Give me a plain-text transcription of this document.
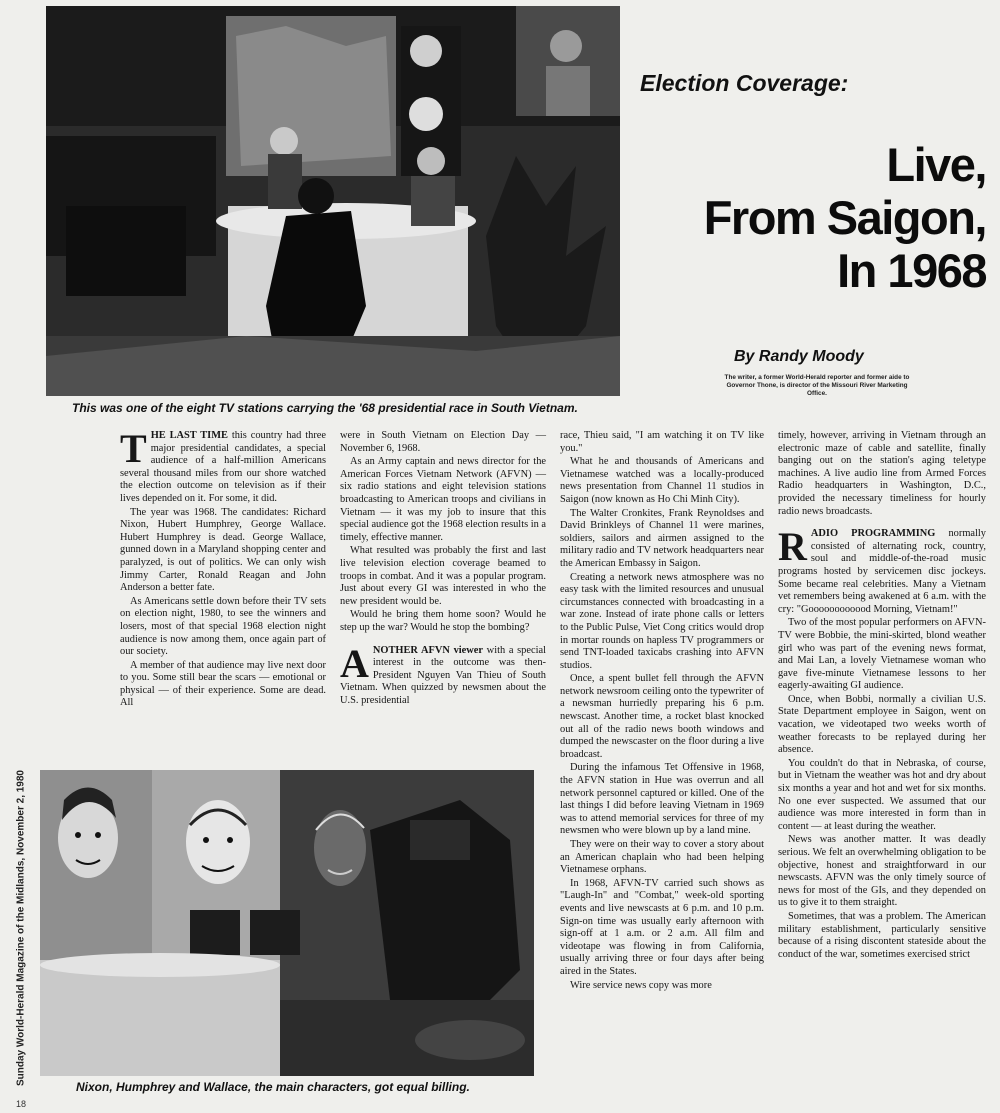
This was one of the eight TV stations carrying the '68 presidential race in South Vietnam.
Election Coverage:
Live,
From Saigon,
In 1968
By Randy Moody
The writer, a former World-Herald reporter and former aide to Governor Thone, is director of the Missouri River Marketing Office.

THE LAST TIME this country had three major presidential candidates, a special audience of a half-million Americans several thousand miles from our shore watched the election outcome on television as if their lives depended on it. For some, it did.

The year was 1968. The candidates: Richard Nixon, Hubert Humphrey, George Wallace. Hubert Humphrey is dead. George Wallace, gunned down in a Maryland shopping center and paralyzed, is out of politics. We can only wish Jimmy Carter, Ronald Reagan and John Anderson a better fate.

As Americans settle down before their TV sets on election night, 1980, to see the winners and losers, most of that special 1968 election night audience is now among them, once again part of our society.

A member of that audience may live next door to you. Some still bear the scars — emotional or physical — of their experience. Some are dead. All

were in South Vietnam on Election Day — November 6, 1968.

As an Army captain and news director for the American Forces Vietnam Network (AFVN) — six radio stations and eight television stations broadcasting to American troops and civilians in Vietnam — it was my job to insure that this special audience got the 1968 election results in a timely, effective manner.

What resulted was probably the first and last live television election coverage beamed to troops in combat. And it was a popular program. Just about every GI was interested in who the new president would be.

Would he bring them home soon? Would he step up the war? Would he stop the bombing?

ANOTHER AFVN viewer with a special interest in the outcome was then-President Nguyen Van Thieu of South Vietnam. When quizzed by newsmen about the U.S. presidential

race, Thieu said, "I am watching it on TV like you."

What he and thousands of Americans and Vietnamese watched was a locally-produced news presentation from Channel 11 studios in Saigon (now known as Ho Chi Minh City).

The Walter Cronkites, Frank Reynoldses and David Brinkleys of Channel 11 were marines, soldiers, sailors and airmen assigned to the military radio and TV network headquarters near the American Embassy in Saigon.

Creating a network news atmosphere was no easy task with the limited resources and unusual circumstances connected with broadcasting in a war zone. Instead of irate phone calls or letters to the Public Pulse, Viet Cong critics would drop in mortar rounds on hapless TV programmers or send TNT-loaded taxicabs crashing into AFVN studios.

Once, a spent bullet fell through the AFVN network newsroom ceiling onto the typewriter of a newsman hurriedly preparing his 6 p.m. newscast. Another time, a rocket blast knocked out all of the radio news booth windows and dumped the newscaster on the floor during a live broadcast.

During the infamous Tet Offensive in 1968, the AFVN station in Hue was overrun and all network personnel captured or killed. One of the last things I did before leaving Vietnam in 1969 was to attend memorial services for three of my newsmen who were blown up by a land mine.

They were on their way to cover a story about an American chaplain who had been helping Vietnamese orphans.

In 1968, AFVN-TV carried such shows as "Laugh-In" and "Combat," week-old sporting events and live newscasts at 6 p.m. and 10 p.m. Sign-on time was usually early afternoon with sign-off at 1 a.m. or 2 a.m. All film and videotape was flowing in from California, usually arriving three or four days after being aired in the States.

Wire service news copy was more

timely, however, arriving in Vietnam through an electronic maze of cable and satellite, finally banging out on the station's aging teletype machines. A live audio line from Armed Forces Radio headquarters in Washington, D.C., provided the necessary timeliness for hourly radio news broadcasts.

RADIO PROGRAMMING normally consisted of alternating rock, country, soul and middle-of-the-road music programs hosted by servicemen disc jockeys. Some became real celebrities. Many a Vietnam vet remembers being awakened at 6 a.m. with the cry: "Goooooooooood Morning, Vietnam!"

Two of the most popular performers on AFVN-TV were Bobbie, the mini-skirted, blond weather girl who was part of the evening news format, and Mai Lan, a lovely Vietnamese woman who gave five-minute Vietnamese lessons to her eagerly-awaiting GI audience.

Once, when Bobbi, normally a civilian U.S. State Department employee in Saigon, went on vacation, we videotaped two weeks worth of weather forecasts to be replayed during her absence.

You couldn't do that in Nebraska, of course, but in Vietnam the weather was hot and dry about six months a year and hot and wet for six months. No one ever suspected. We assumed that our audience was more interested in form than in content — at least during the weather.

News was another matter. It was deadly serious. We felt an overwhelming obligation to be objective, honest and straightforward in our newscasts. AFVN was the only timely source of news for most of the GIs, and they depended on us to give it to them straight.

Sometimes, that was a problem. The American military establishment, particularly sensitive because of a rising discontent stateside about the conduct of the war, sometimes exercised strict

Nixon, Humphrey and Wallace, the main characters, got equal billing.
Sunday World-Herald Magazine of the Midlands, November 2, 1980
18
